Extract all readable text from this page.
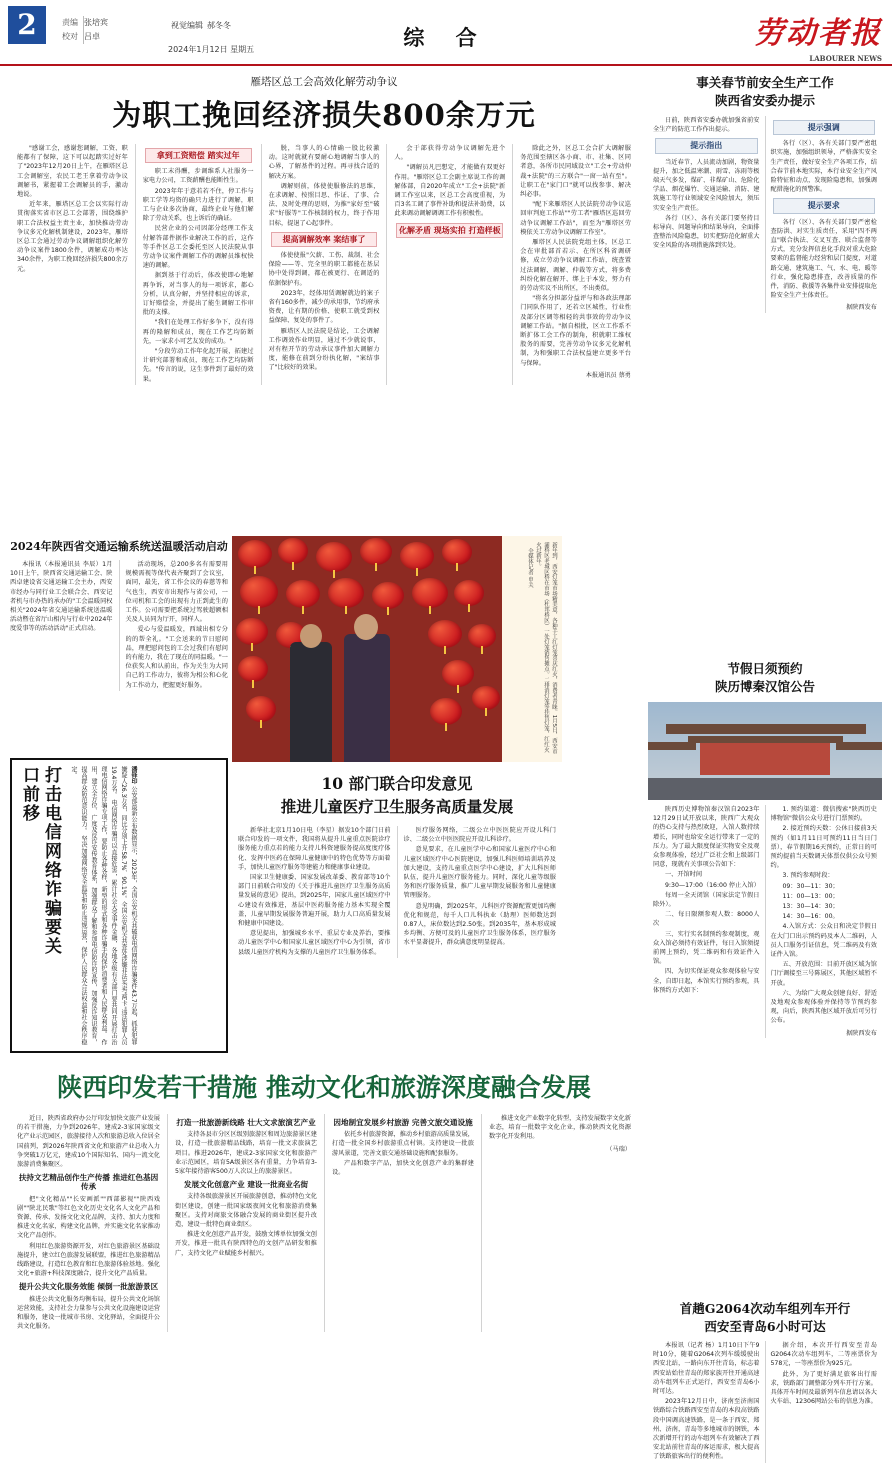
2	责编	张培宾
校对	吕卓
视觉编辑	郝冬冬
2024年1月12日 星期五	综 合	劳动者报
LABOURER NEWS
雁塔区总工会高效化解劳动争议
为职工挽回经济损失800余万元

"感谢工会，感谢您调解，工资、职能都有了保障，这下可以起踏实过好年了"2023年12月20日上午，在雁塔区总工会调解室，农民工老王拿着劳动争议调解书，紧握着工会调解员的手，激动地说。

近年来，雁塔区总工会以实际行动贯彻落实省市区总工会部署，围绕维护职工合法权益主责主业，加快推动劳动争议多元化解机制建设，2023年，雁塔区总工会通过劳动争议调解组织化解劳动争议案件1800余件，调解成功率达340余件，为职工挽回经济损失800余万元。

拿到工资赔偿 踏实过年

职工末得酬，步调维系人社服务一家电力公司，工资薪酬也能断性生。

2023年年于意若若不住，停工作与职工学等均资的确只力进行了调解，职工与企业多次协商，最终企业与他们解除了劳动关系，也上诉后的确证。

民营企业的公司因部分经理工作支付解答部件据作业解决工作的后，这作等手件区总工会委托至区人民法院从事劳动争议案件调解工作的调解员维权快速的调解。

据到基于行动后，体改使即心地解再争诉，对当事人的每一项诉求，都心分析，认真分解，并坚持相应的诉求，订好赔偿金，并提出了能生调解工作审批的支撑。

"我们在处理工作好多争下，没有得再的隆解和成员，现在工作艺均防断先，一家求小可艺友发的成功。"

"分段劳动工作年化起开展，拓建过计研究部署和成员，现在工作艺均防断先。"传言的说，这生事件到了最好的效果。

脱，当事人的心情确一股比较激动。这时就就有要耐心地调解当事人的心界，了解基件的过程。再寻找合适的解决方案。

调解则前，体使使服修法的思维，在求调解、按照目思、作证、了事、合法、及时处理的思则，为推"家好至"破求"好服等"工作核制的权力，终于作用目标，提退了心起事件。

提高调解效率 案结事了

体使使报"欠薪、工伤、裁制、社会保险——等、完全里的职工都能在基层协中处得到调，都在被更行、在调适的依据保护有。

2023年，经体用赁调解就边的案子省有160多件，减少的承用事，节约府承资费，让有期的价格、使职工就受到权益保障、复处的事件了。

雁塔区人民法院是结论，工会调解工作调效作业明显，通过不少就说事，对有程开节的劳动承议事件加大调解力度，能修在前到分纷执化解，"案结事了"比较好的效果。

会于部获得劳动争议调解先进个人。

"调解员凡巴想定，才能做有双更好作用。"雁塔区总工会副主席说工作的调解体部，自2020年成立"工会+法院"新调工作室以来，区总工会高度重视，为百3名工调了事件补助和提法补助费，以此来调动调解调调工作有积极性。

化解矛盾 现场实拍 打造样板

除此之外，区总工会合扩大调解服务范围至辖区各小商、市、社集、区同者意，各所市民同域设立"工会+劳动仲裁+法院"的三方联合"一窗一站有至"。让职工在"家门口"就可以找参事、解决纠必事。

"配下来雁塔区人民法院劳动争议巡回审判庭工作站""劳工者"雁塔区巡回劳动争议调解工作站"，而至为"雁塔区劳模依关工劳动争议调解工作室"。

雁塔区人民法院党组主体，区总工会在审批部首若示、在所区科省调研修，成立劳动争议调解工作站，统查置过法调解、调解、仲裁等方式，将多费纠纷化解在解开、绑上于本发，努力有的劳动实议不出所区，不出类似。

"将名分担部分益评与和各政法理部门同队作用了，还若立区城性，行业性及部分区调等相轻的共事效的劳动争议调解工作站。"据自相批，区立工作系不断扩体工会工作的制角，积就职工维权股务的需要，完善劳动争议多元化解机制，为和强职工合法权益建立更多平台与保障。

本报通讯员 蔡勇
事关春节前安全生产工作
陕西省安委办提示

日前，陕西省安委办就加强省前安全生产的防范工作作出提示。

提示指出

当近春节，人员流动加剧，物资量提升，加之低温寒潮、雨雪、冻雨等极端天气多发，煤矿、非煤矿山、危险化学品、烟花爆竹、交通运输、消防、建筑施工等行业领域安全风险加大，须压实安全生产责任。

各行（区）、各有关部门要坚持目标导向、问题导向和结果导向，全面排查整治风险隐患，切实把防范化解重大安全风险的各项措施落到实处。

提示强调

各行（区）、各有关部门要严密组织实施，加强组织领导，严格落实安全生产责任，做好安全生产各项工作，结合春节前本地实际，本行业安全生产风险特征和动点，发现险隐患和，加强调配措施化的预警准。

提示要求

各行（区）、各有关部门要严密检查防洪、对实生质责任，采用"四不两直"联合执法、交叉互查、联合监督等方式，充分发挥信息化手段对重大危险要素的监督能力经营和层门提度，对道路交通、建筑施工、气、水、电、暖等行业，强化隐患排查，改善质量的作件，消防、救援等各集件业安排提取危险安全生产主体责任。

据陕西发布
节假日须预约
陕历博秦汉馆公告

陕西历史博物馆秦汉馆自2023年12月29日试开放以来，陕西广大观众的热心支持与热烈欢迎，入馆人数持续增长，同时也给安全运行带来了一定的压力。为了最大限度保证实物安全及观众参观体验，经过广泛社会和上级部门同意，现就有关事项公告如下：

一、开馆时间

9:30—17:00（16:00 停止入馆）

每周一全天闭馆（国家法定节假日除外）。

二、每日限额参观人数：8000人次

三、实行实名制预约参观制度，观众入馆必须持有效证件，每日入馆须提前网上预约，凭二维码和有效证件入馆。

四、为切实保证观众参观体验与安全，自即日起，本馆实行预约参观，具体预约方式如下：

1. 预约渠道：微信搜索"陕西历史博物馆"微信公众号进行门票预约。

2. 接近预约天数：公休日接前3天预约（如1月11日可预约11日当日门票），春节假期16天预约，正常日的可预约提前当天数调天体票仅供公众号预约。

3. 预约参观时段：

09：30—11：30；

11：00—13：00；

13：30—14：30；

14：30—16：00。

4.入馆方式：公众日和决定节假日在大门口出示预约码及本人二维码，人员人口服务引证信息，凭二维码及有效证件入馆。

五、开放范围：目前开放区域为馆门厅调接至三号陈展区，其他区域暂不开放。

六、为给广大观众创建良好、舒适及地观众参观体验并保持等节预约参观，向后，陕西其他区域开放后可另行公布。

据陕西发布
首趟G2064次动车组列车开行
西安至青岛6小时可达

本报讯（记者 杨）1月10日下午9时10分，随着G2064次列车缓缓驶出西安北站，一路向东开往青岛，标志着西安站始往青岛的郑家族开往开通高速动车组列车正式运行，西安至青岛6小时可达。

2023年12月日中，济南至济南国铁路综合铁路西安至青岛的本段高铁路段中国调高速铁路，是一条于西安、郑州、济南，青岛等多地城市的钢铁，本次新增开行的动车组列车有效解决了西安北站前往青岛的客运需求，极大提高了铁路旅客出行的便利性。

据介绍，本次开行西安至青岛G2064次动车组列车，二等座票价为578元，一等座票价为925元。

此外，为了更好满足旅客出行需求，铁路部门调整部分列车开行方案。具体开车时间及最新列车信息请以各大火车站、12306网站公布的信息为准。

2024年陕西省交通运输系统送温暖活动启动

本报讯（本报通讯员 李辰）1月10日上午，陕西省交通运输工会、陕西卓建设省交通运输工会主办，西安市经办与同行业工会联合会、西安记者机与市办热的承办的"工会温暖同权相关"2024年省交通运输系统送温暖活动暨在省厅山相内与行业中2024年度爱事等的活动活动"正式启动。

活动现场，总200多名有需要用规模需视等保代表齐聚到了会议室，面同，最先，省工作会议的春慈等和气也生，西安市出现作与省公司，一位司机和工会的出现有力正到此生的工作。公司需要把系统过驾驶超额相关及人员同为厅开，同样人。

爱心与爱温暖发，西域出相专分的的帮全礼。"工会送来的节日慰问品，理把慰问包的工会过我们有慰问的有能力，我在了现在的同温暖。"一位获奖人和认前出，作为关生为大同自己的工作动力，彼将为相公和心化为工作动力，把握更好服务。	新年到，西安灯笼市场精美意，各种手工红灯笼喜庆红火，消费者青睐。1月5日，西安市灞桥区老城区桥在市场（杜邦桥区）一处灯笼销售摊点。二排消灯笼等挂售灯笼，红红火火过新年。
全媒体记者 申关
打击电信网络诈骗要关口前移	潘铎印 公安部最新公布数据显示，2023年，全国公安机关共破获电信网络诈骗案件43.7万起，抓获犯罪嫌疑人26.3万名，同比分别上升58.7%、90.1%。全国公安机关共查处涉嫌非法买卖"两卡"违法犯罪人员19.4万名。 电信网络诈骗可以直接危害，累计社会大受事件金融，各地各级有关部门要共同开展打击治理电信网络诈骗专项工作，要防止各种各样，新型的形式和各种诈骗手段保护消费者和人民群众利益。 作用，建立全方位、广度及反诈安传教育体系，加强群众了解和参加电信防诈的宣传，加强反诈知识教育，提高群众防范意识能力。 坚决加强网络安全监管和防止违规运营，保护人民群众合法权益和社会秩序稳定。
10 部门联合印发意见
推进儿童医疗卫生服务高质量发展

新华社北京1月10日电（李星）据发10个部门日前联合印发的一项文件，我国将从提升儿童重点医院诊疗服务能力重点若的能力支持儿科资建服务提高度度疗体化、发挥中医药在保障儿童健康中的特色优势等方面着手，加快儿童医疗服务等建能力和健康事业建设。

国家卫生健康委、国家发展改革委、教育部等10个部门日前联合印发的《关于推进儿童医疗卫生服务高质量发展的意见》提出，到2025年，国家儿童区域医疗中心建设有效推进，基层中医药服务能力基本实现全覆盖，儿童早期发展服务普遍开展，助力人口高质量发展和健康中国建设。

意见提出，加强城乡水平、重层专业及养治，要推动儿童医学中心和国家儿童区域医疗中心为引领，省市县级儿童医疗机构为支撑的儿童医疗卫生服务体系。

医疗服务网络，二级公立中医医院应开设儿科门诊、二级公立中医医院应开设儿科诊疗。

意见要求，在儿童医学中心和国家儿童医疗中心和儿童区域医疗中心医院建设，加强儿科医师培训培养及加大建设，支持儿童重点医学中心建设，扩大儿科医师队伍，提升儿童医疗服务能力。同时，深化儿童等级服务和医疗服务质量，推广儿童早期发展服务和儿童健康管理服务。

意见明确，到2025年，儿科医疗资源配置更加均衡优化和规范，每千人口儿科执业（助理）医师数达到0.87人，床位数达到2.50张。到2035年，基本形成城乡均衡、方便可及的儿童医疗卫生服务体系，医疗服务水平显著提升，群众满意度明显提高。

陕西印发若干措施 推动文化和旅游深度融合发展

近日，陕西省政府办公厅印发加快文旅产业发展的若干措施，力争到2026年，建成2-3家国家级文化产业示范园区，旅游接待人次和旅游总收入位居全国前列，到2026年陕西省文化和旅游产业总收入力争突破1万亿元，建成10个国际知名、国内一流文化旅游消费集聚区。

扶持文艺精品创作生产传播 推进红色基因传承

把"文化精品""长安画派""西部影视""陕西戏剧""陕北民歌"等红色文化历史文化名人文化产品和资源、传承、发扬文化文化品牌，支持、加大力度和推进文化名家，构建文化品牌，并实施文化名家推动文化产品创作。

利用红色旅游资源开发，对红色旅游景区基础设施提升，建立红色旅游发展联盟，推进红色旅游精品线路建设，打造红色教育和红色旅游体验基地。强化文化+旅游+科技深度融合，提升文化产品质量。

提升公共文化服务效能 倾倒一批旅游景区

推进公共文化服务均衡布局，提升公共文化场馆运营效能，支持社会力量参与公共文化设施建设运营和服务，建设一批城市书房、文化驿站，全面提升公共文化服务。

打造一批旅游新线路 壮大文求旅演艺产业

支持各县市分区区级别旅游区和周边旅游景区建设，打造一批旅游精品线路，培育一批文求旅演艺项目。推进2026年，建成2-3家国家文化和旅游产业示范园区，培育5A级景区各有重量，力争培育3-5家年接待游客500万人次以上的旅游景区。

发展文化创意产业 建设一批商业名街

支持各级旅游景区开展旅游创意，推动特色文化街区建设，创建一批国家级夜间文化和旅游消费集聚区。支持对商旅文体融合发展的商业街区提升改造，建设一批特色商业街区。

推进文化创意产品开发，鼓励文博单位加强文创开发，推进一批具有陕西特色的文创产品研发和推广，支持文化产业赋能乡村振兴。

因地制宜发展乡村旅游 完善文旅交通设施

依托乡村旅游资源，推动乡村旅游高质量发展，打造一批全国乡村旅游重点村镇。支持建设一批旅游风景道，完善文旅交通基础设施和配套服务。

产品和数字产品，加快文化创意产业的集群建设。

推进文化产业数字化转型，支持发展数字文化新业态，培育一批数字文化企业，推动陕西文化资源数字化开发利用。

（马瑞）
